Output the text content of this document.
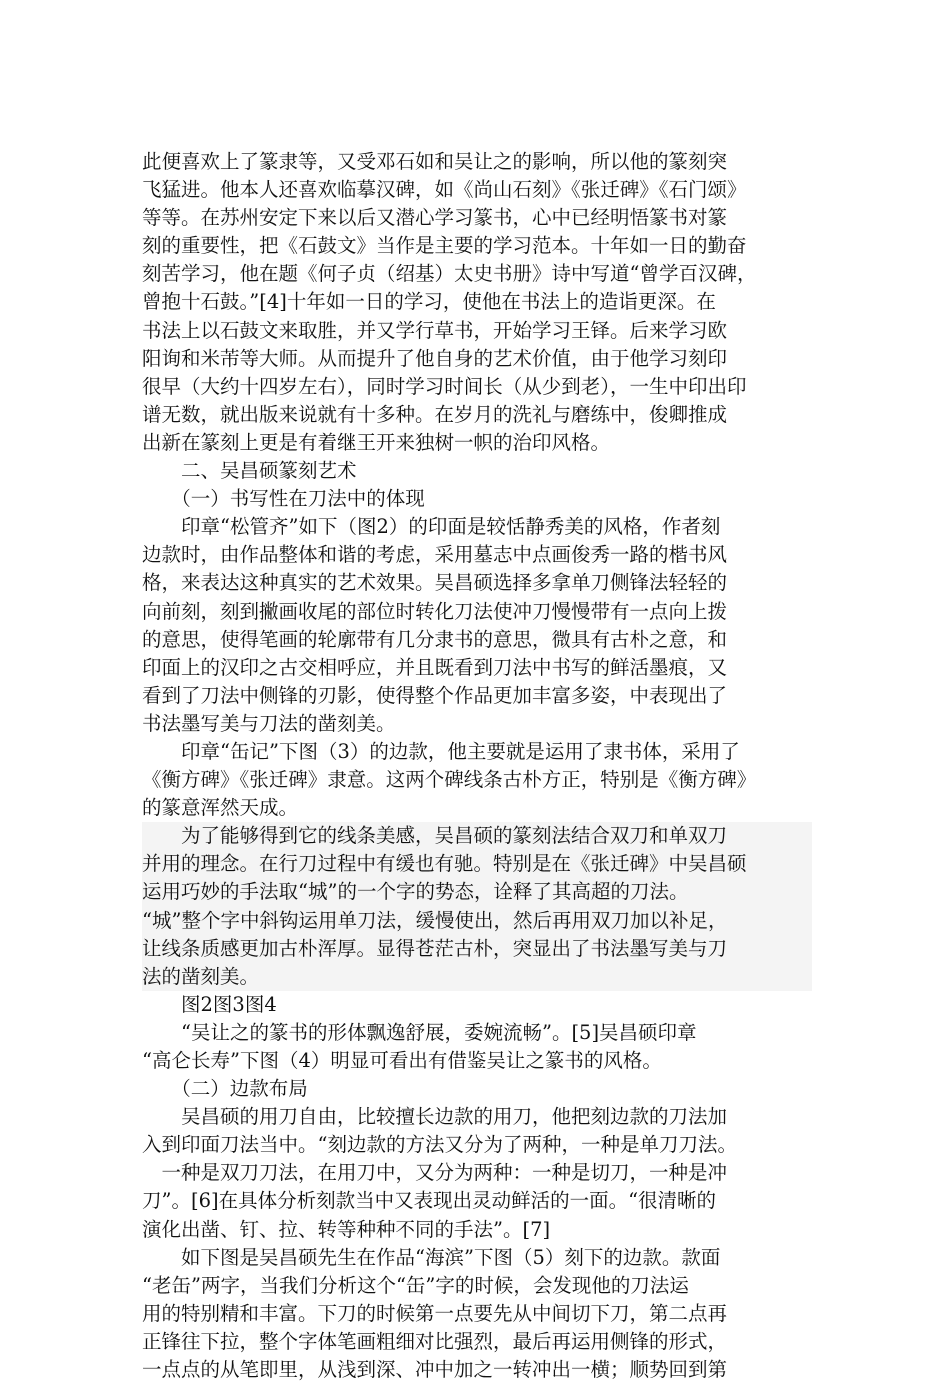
此便喜欢上了篆隶等，又受邓石如和吴让之的影响，所以他的篆刻突
飞猛进。他本人还喜欢临摹汉碑，如《尚山石刻》《张迁碑》《石门颂》
等等。在苏州安定下来以后又潜心学习篆书，心中已经明悟篆书对篆
刻的重要性，把《石鼓文》当作是主要的学习范本。十年如一日的勤奋
刻苦学习，他在题《何子贞（绍基）太史书册》诗中写道“曾学百汉碑，
曾抱十石鼓。”[4]十年如一日的学习，使他在书法上的造诣更深。在
书法上以石鼓文来取胜，并又学行草书，开始学习王铎。后来学习欧
阳询和米芾等大师。从而提升了他自身的艺术价值，由于他学习刻印
很早（大约十四岁左右），同时学习时间长（从少到老），一生中印出印
谱无数，就出版来说就有十多种。在岁月的洗礼与磨练中，俊卿推成
出新在篆刻上更是有着继王开来独树一帜的治印风格。
　　二、吴昌硕篆刻艺术
　　（一）书写性在刀法中的体现
　　印章“松管齐”如下（图2）的印面是较恬静秀美的风格，作者刻
边款时，由作品整体和谐的考虑，采用墓志中点画俊秀一路的楷书风
格，来表达这种真实的艺术效果。吴昌硕选择多拿单刀侧锋法轻轻的
向前刻，刻到撇画收尾的部位时转化刀法使冲刀慢慢带有一点向上拨
的意思，使得笔画的轮廓带有几分隶书的意思，微具有古朴之意，和
印面上的汉印之古交相呼应，并且既看到刀法中书写的鲜活墨痕，又
看到了刀法中侧锋的刃影，使得整个作品更加丰富多姿，中表现出了
书法墨写美与刀法的凿刻美。
　　印章“缶记”下图（3）的边款，他主要就是运用了隶书体，采用了
《衡方碑》《张迁碑》隶意。这两个碑线条古朴方正，特别是《衡方碑》
的篆意浑然天成。
　　为了能够得到它的线条美感，吴昌硕的篆刻法结合双刀和单双刀
并用的理念。在行刀过程中有缓也有驰。特别是在《张迁碑》中吴昌硕
运用巧妙的手法取“城”的一个字的势态，诠释了其高超的刀法。
“城”整个字中斜钩运用单刀法，缓慢使出，然后再用双刀加以补足，
让线条质感更加古朴浑厚。显得苍茫古朴，突显出了书法墨写美与刀
法的凿刻美。
　　图2图3图4
　　“吴让之的篆书的形体飘逸舒展，委婉流畅”。[5]吴昌硕印章
“高仑长寿”下图（4）明显可看出有借鉴吴让之篆书的风格。
　　（二）边款布局
　　吴昌硕的用刀自由，比较擅长边款的用刀，他把刻边款的刀法加
入到印面刀法当中。“刻边款的方法又分为了两种，一种是单刀刀法。
　一种是双刀刀法，在用刀中，又分为两种：一种是切刀，一种是冲
刀”。[6]在具体分析刻款当中又表现出灵动鲜活的一面。“很清晰的
演化出凿、钉、拉、转等种种不同的手法”。[7]
　　如下图是吴昌硕先生在作品“海滨”下图（5）刻下的边款。款面
“老缶”两字，当我们分析这个“缶”字的时候，会发现他的刀法运
用的特别精和丰富。下刀的时候第一点要先从中间切下刀，第二点再
正锋往下拉，整个字体笔画粗细对比强烈，最后再运用侧锋的形式，
一点点的从笔即里，从浅到深、冲中加之一转冲出一横；顺势回到第
